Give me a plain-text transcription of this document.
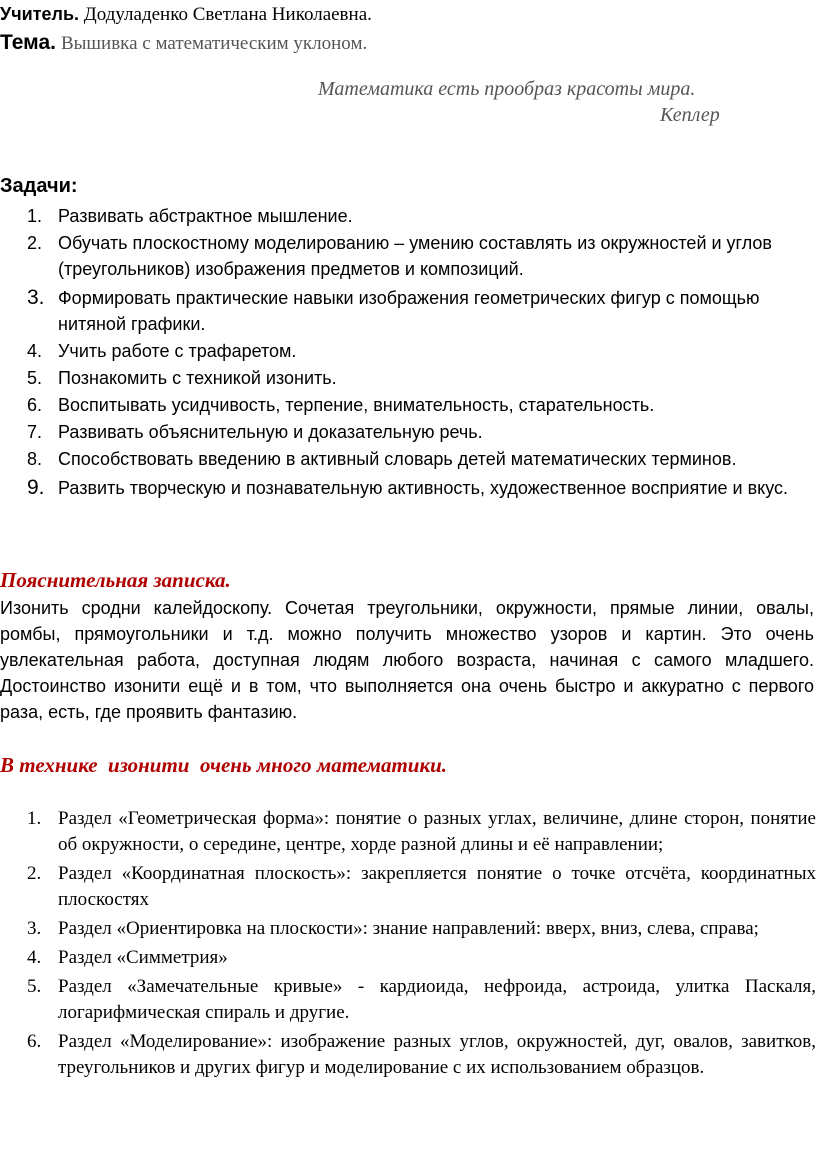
Учитель. Додуладенко Светлана Николаевна.
Тема. Вышивка с математическим уклоном.
Математика есть прообраз красоты мира.
Кеплер
Задачи:
1. Развивать абстрактное мышление.
2. Обучать плоскостному моделированию – умению составлять из окружностей и углов (треугольников) изображения предметов и композиций.
3. Формировать практические навыки изображения геометрических фигур с помощью нитяной графики.
4. Учить работе с трафаретом.
5. Познакомить с техникой изонить.
6. Воспитывать усидчивость, терпение, внимательность, старательность.
7. Развивать объяснительную и доказательную речь.
8. Способствовать введению в активный словарь детей математических терминов.
9. Развить творческую и познавательную активность, художественное восприятие и вкус.
Пояснительная записка.
Изонить сродни калейдоскопу. Сочетая треугольники, окружности, прямые линии, овалы, ромбы, прямоугольники и т.д. можно получить множество узоров и картин. Это очень увлекательная работа, доступная людям любого возраста, начиная с самого младшего. Достоинство изонити ещё и в том, что выполняется она очень быстро и аккуратно с первого раза, есть, где проявить фантазию.
В технике  изонити  очень много математики.
1. Раздел «Геометрическая форма»: понятие о разных углах, величине, длине сторон, понятие об окружности, о середине, центре, хорде разной длины и её направлении;
2. Раздел «Координатная плоскость»: закрепляется понятие о точке отсчёта, координатных плоскостях
3. Раздел «Ориентировка на плоскости»: знание направлений: вверх, вниз, слева, справа;
4. Раздел «Симметрия»
5. Раздел «Замечательные кривые» - кардиоида, нефроида, астроида, улитка Паскаля, логарифмическая спираль и другие.
6. Раздел «Моделирование»: изображение разных углов, окружностей, дуг, овалов, завитков, треугольников и других фигур и моделирование с их использованием образцов.
